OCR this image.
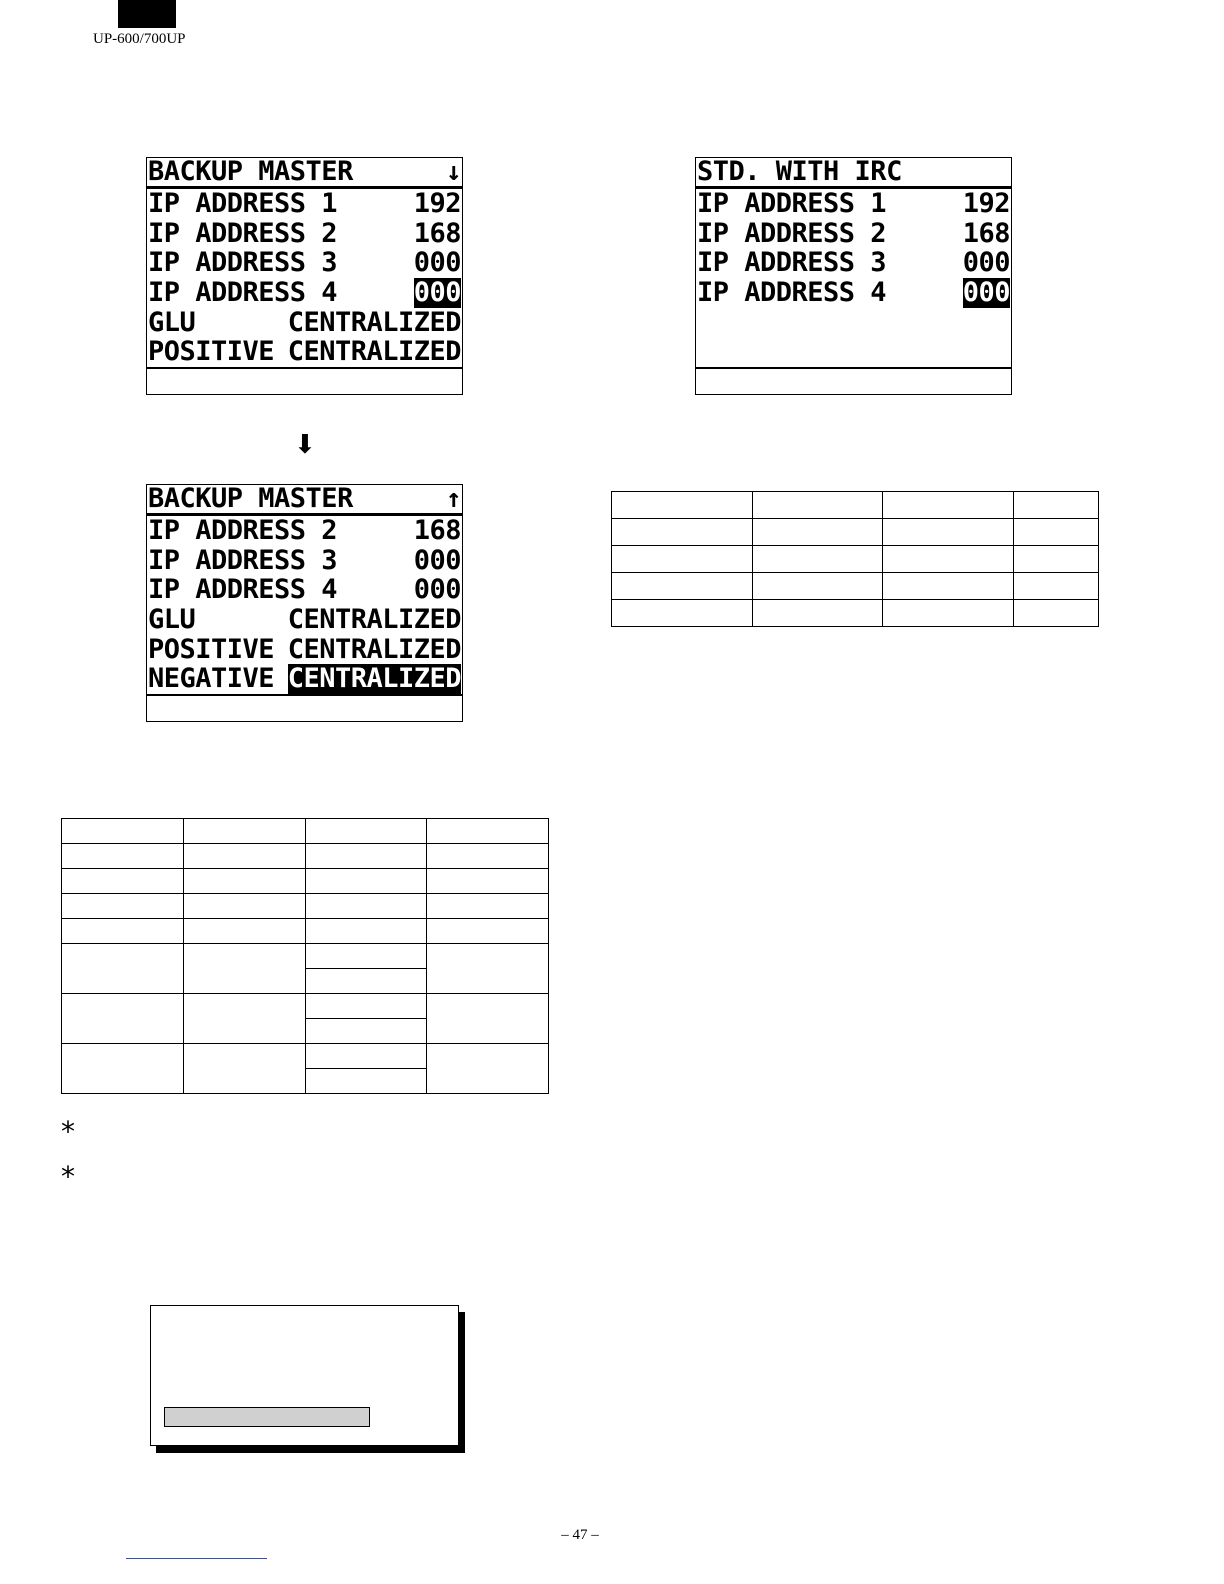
UP-600/700UP
BACKUP MASTER	↓
IP ADDRESS 1	192
IP ADDRESS 2	168
IP ADDRESS 3	000
IP ADDRESS 4	000
GLU	CENTRALIZED
POSITIVE CENTRALIZED
STD. WITH IRC
IP ADDRESS 1	192
IP ADDRESS 2	168
IP ADDRESS 3	000
IP ADDRESS 4	000
⬇
BACKUP MASTER	↑
IP ADDRESS 2	168
IP ADDRESS 3	000
IP ADDRESS 4	000
GLU	CENTRALIZED
POSITIVE CENTRALIZED
NEGATIVE CENTRALIZED

*
*
– 47 –
